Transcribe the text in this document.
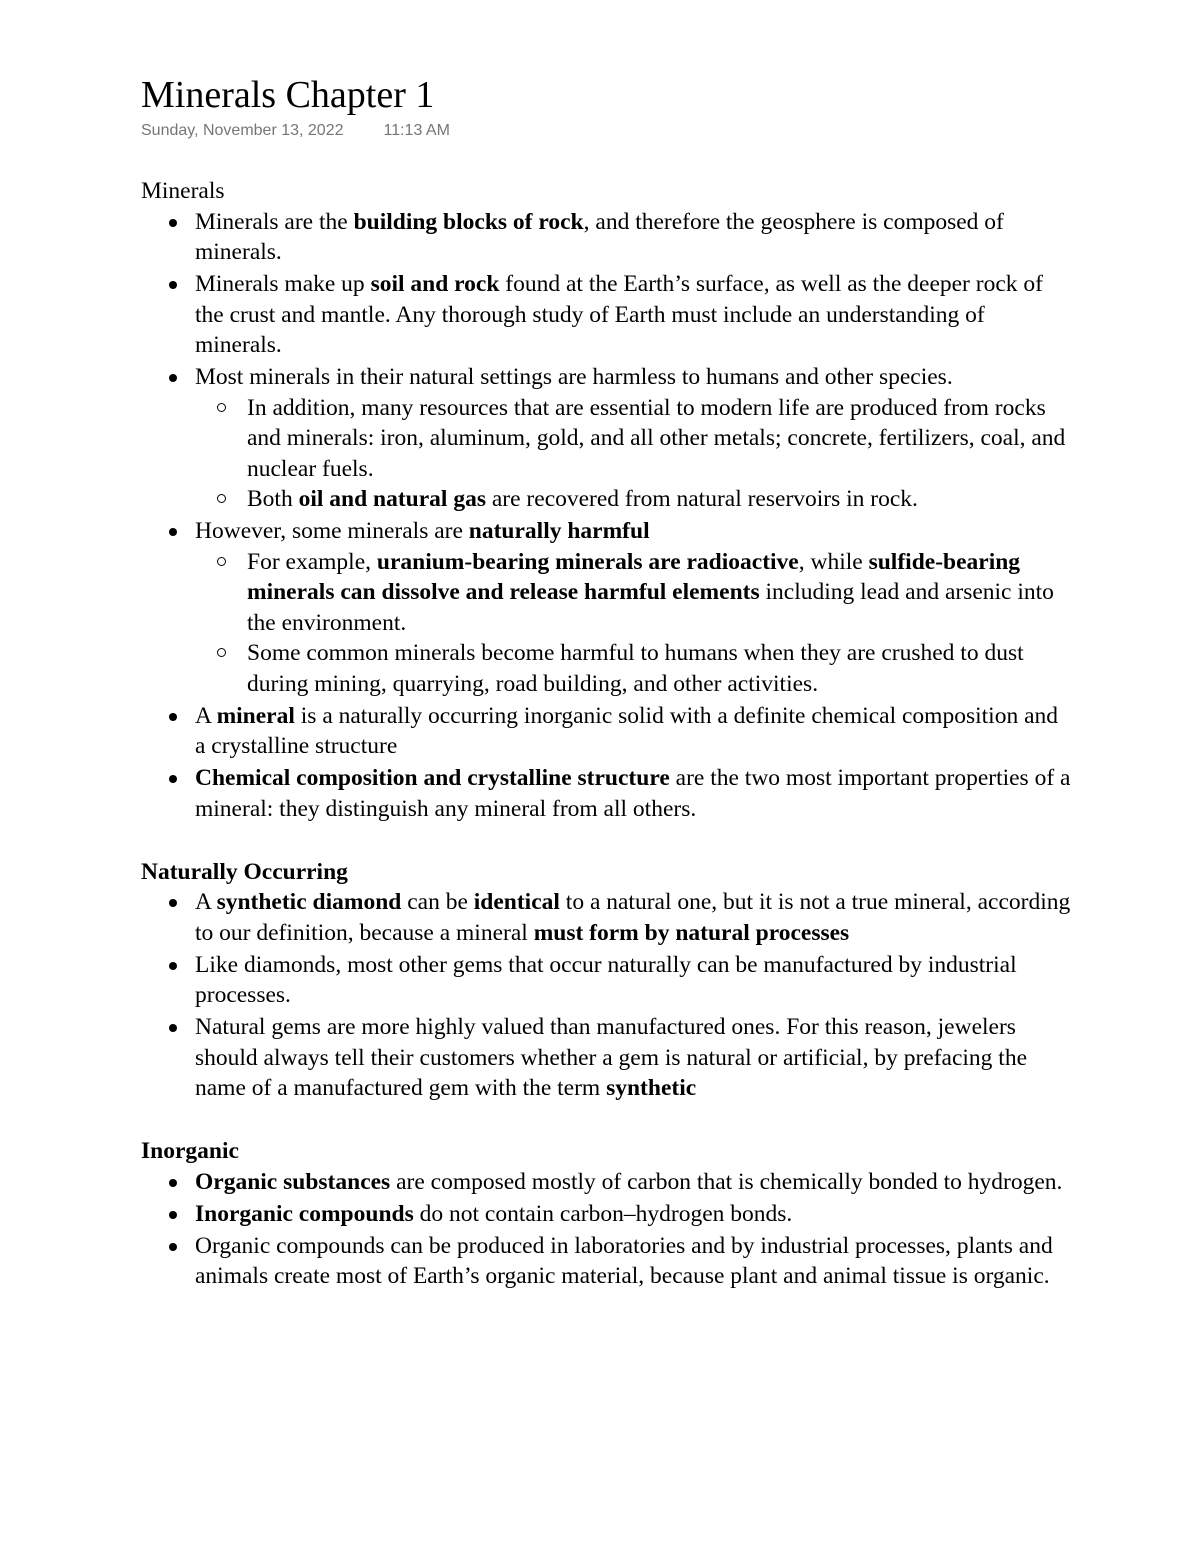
Minerals Chapter 1
Sunday, November 13, 2022	11:13 AM
Minerals
Minerals are the building blocks of rock, and therefore the geosphere is composed of minerals.
Minerals make up soil and rock found at the Earth’s surface, as well as the deeper rock of the crust and mantle. Any thorough study of Earth must include an understanding of minerals.
Most minerals in their natural settings are harmless to humans and other species.
In addition, many resources that are essential to modern life are produced from rocks and minerals: iron, aluminum, gold, and all other metals; concrete, fertilizers, coal, and nuclear fuels.
Both oil and natural gas are recovered from natural reservoirs in rock.
However, some minerals are naturally harmful
For example, uranium-bearing minerals are radioactive, while sulfide-bearing minerals can dissolve and release harmful elements including lead and arsenic into the environment.
Some common minerals become harmful to humans when they are crushed to dust during mining, quarrying, road building, and other activities.
A mineral is a naturally occurring inorganic solid with a definite chemical composition and a crystalline structure
Chemical composition and crystalline structure are the two most important properties of a mineral: they distinguish any mineral from all others.
Naturally Occurring
A synthetic diamond can be identical to a natural one, but it is not a true mineral, according to our definition, because a mineral must form by natural processes
Like diamonds, most other gems that occur naturally can be manufactured by industrial processes.
Natural gems are more highly valued than manufactured ones. For this reason, jewelers should always tell their customers whether a gem is natural or artificial, by prefacing the name of a manufactured gem with the term synthetic
Inorganic
Organic substances are composed mostly of carbon that is chemically bonded to hydrogen.
Inorganic compounds do not contain carbon–hydrogen bonds.
Organic compounds can be produced in laboratories and by industrial processes, plants and animals create most of Earth’s organic material, because plant and animal tissue is organic.
